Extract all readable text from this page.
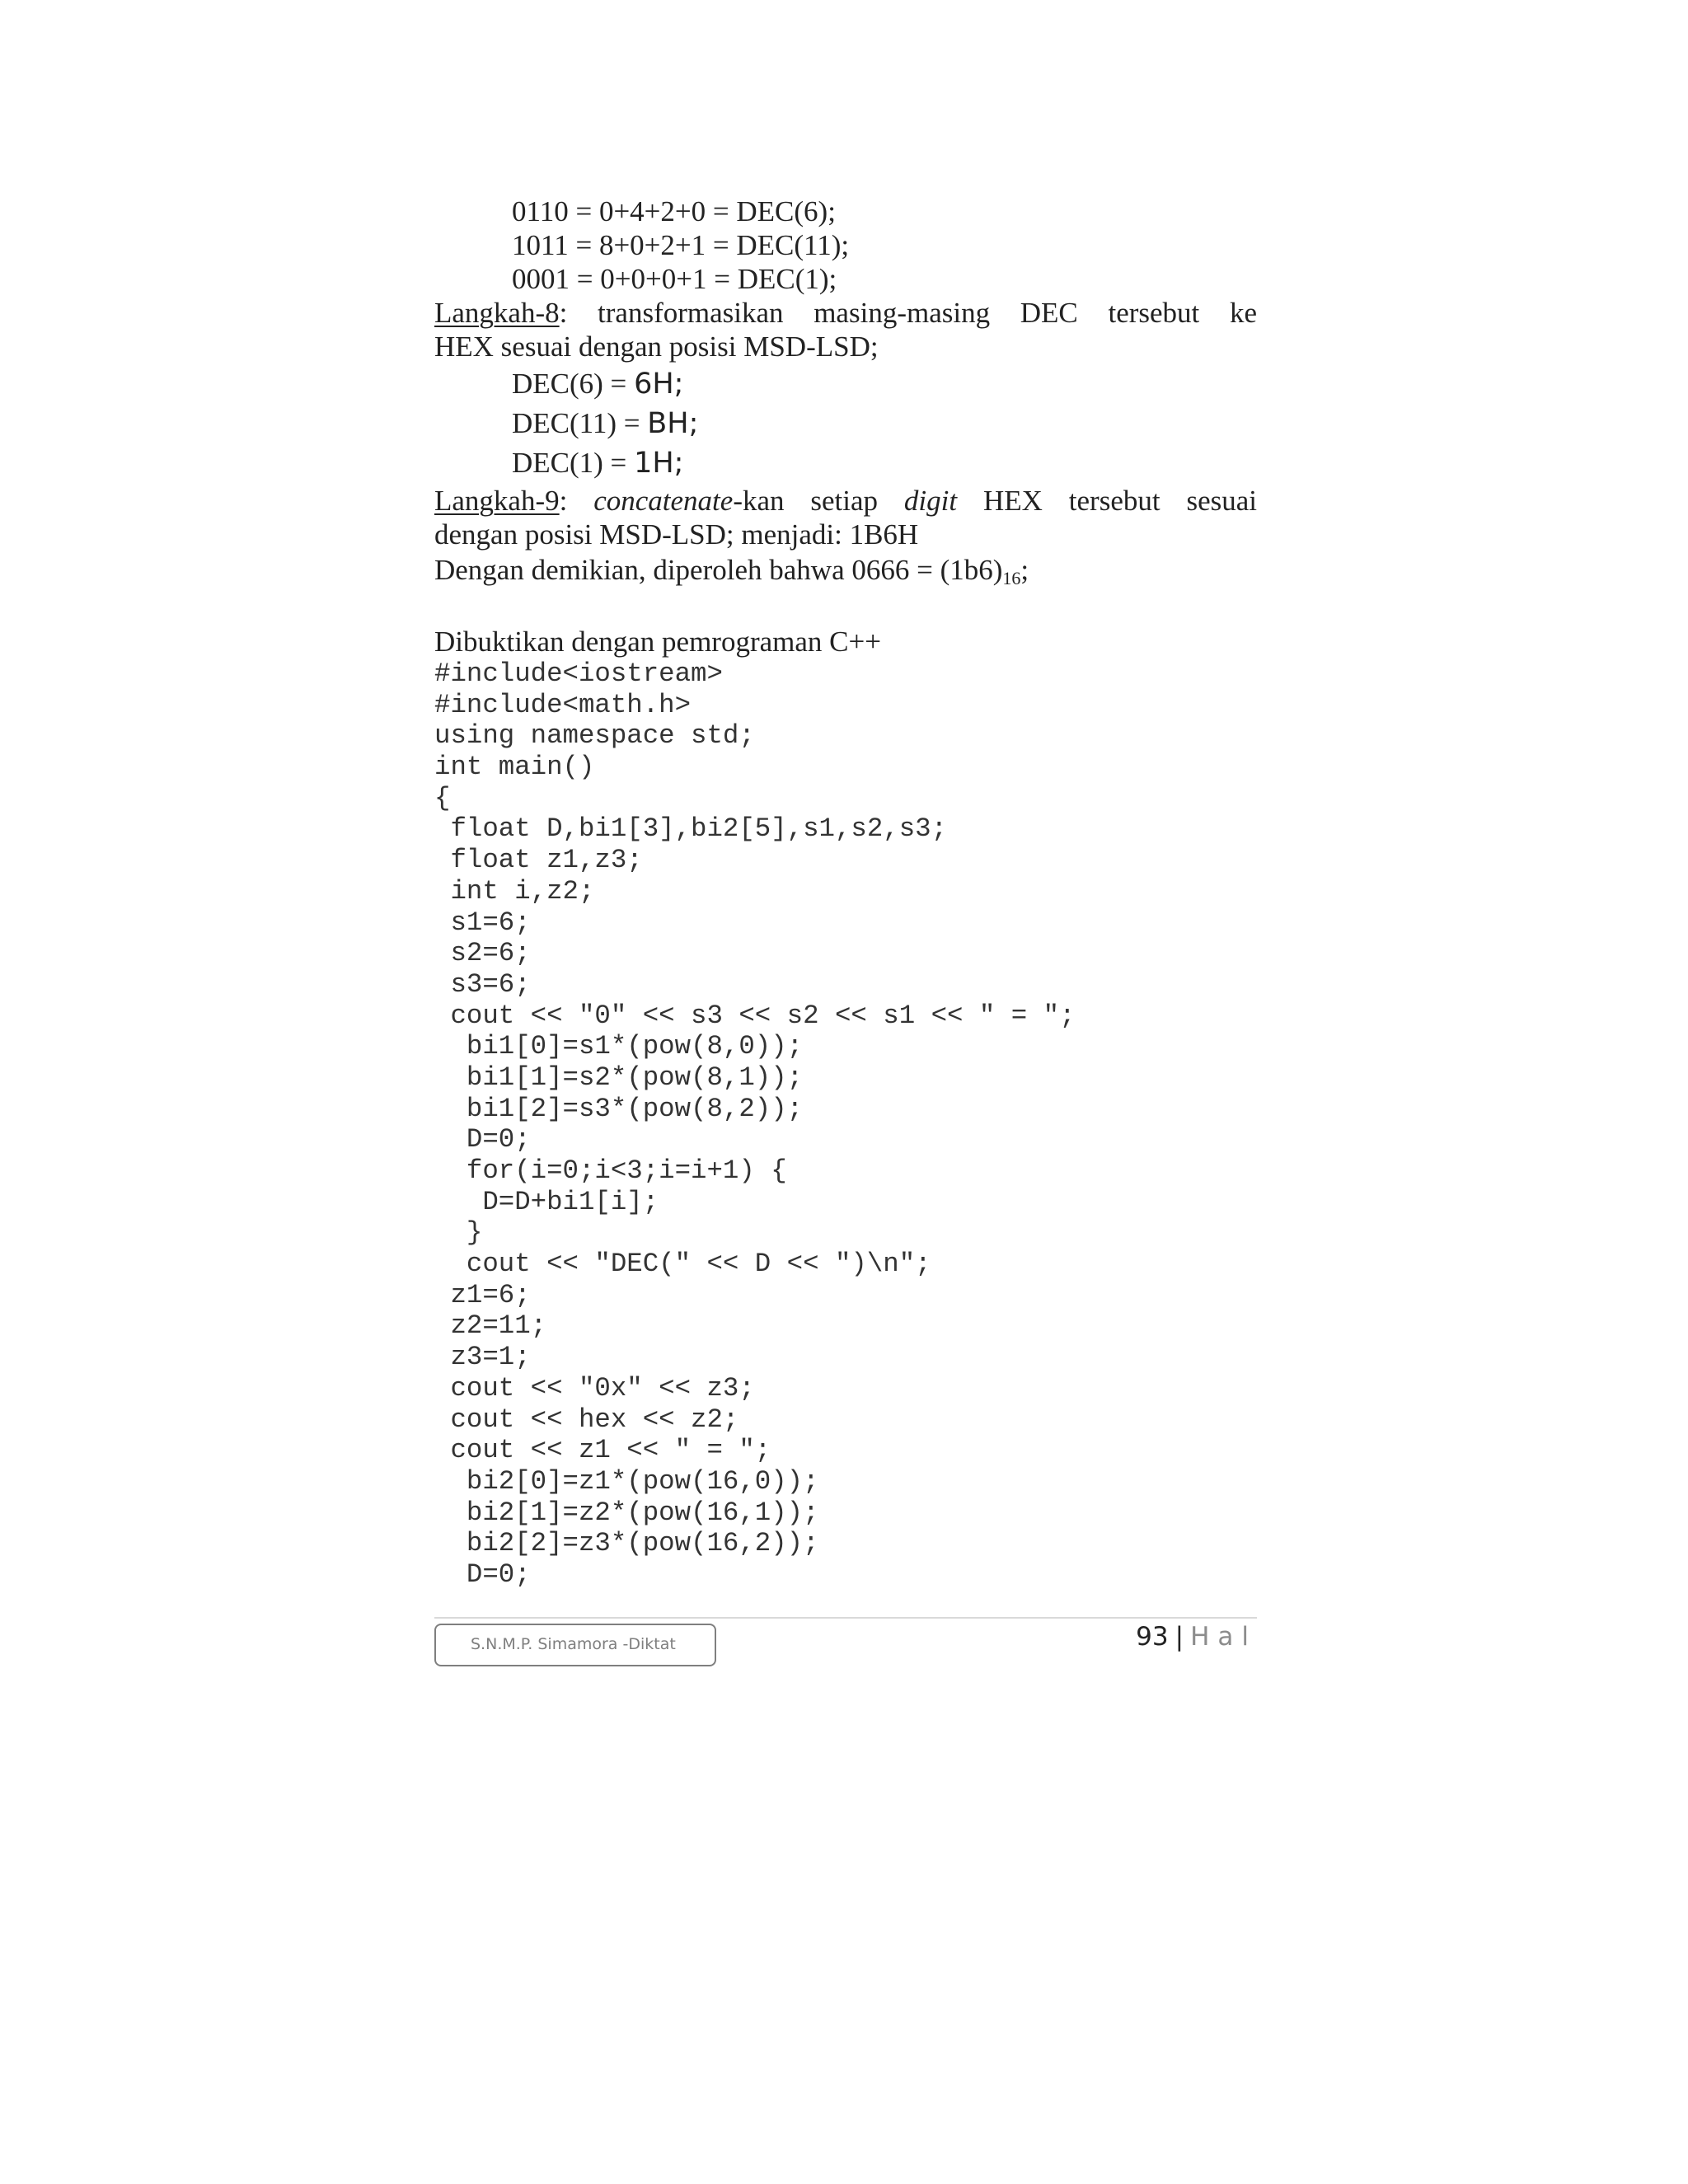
0110 = 0+4+2+0 = DEC(6);
1011 = 8+0+2+1 = DEC(11);
0001 = 0+0+0+1 = DEC(1);
Langkah-8: transformasikan masing-masing DEC tersebut ke
HEX sesuai dengan posisi MSD-LSD;
DEC(6) = 6H;
DEC(11) = BH;
DEC(1) = 1H;
Langkah-9: concatenate-kan setiap digit HEX tersebut sesuai
dengan posisi MSD-LSD; menjadi: 1B6H
Dengan demikian, diperoleh bahwa $0666 = (1b6)_{16}$;
Dibuktikan dengan pemrograman C++
#include<iostream>
#include<math.h>
using namespace std;
int main()
{
float D,bi1[3],bi2[5],s1,s2,s3;
float z1,z3;
int i,z2;
s1=6;
s2=6;
s3=6;
cout << "0" << s3 << s2 << s1 << " = ";
bi1[0]=s1*(pow(8,0));
bi1[1]=s2*(pow(8,1));
bi1[2]=s3*(pow(8,2));
D=0;
for(i=0;i<3;i=i+1) {
D=D+bi1[i];
}
cout << "DEC(" << D << ")\n";
z1=6;
z2=11;
z3=1;
cout << "0x" << z3;
cout << hex << z2;
cout << z1 << " = ";
bi2[0]=z1*(pow(16,0));
bi2[1]=z2*(pow(16,1));
bi2[2]=z3*(pow(16,2));
D=0;
S.N.M.P. Simamora -Diktat	93 | Hal
